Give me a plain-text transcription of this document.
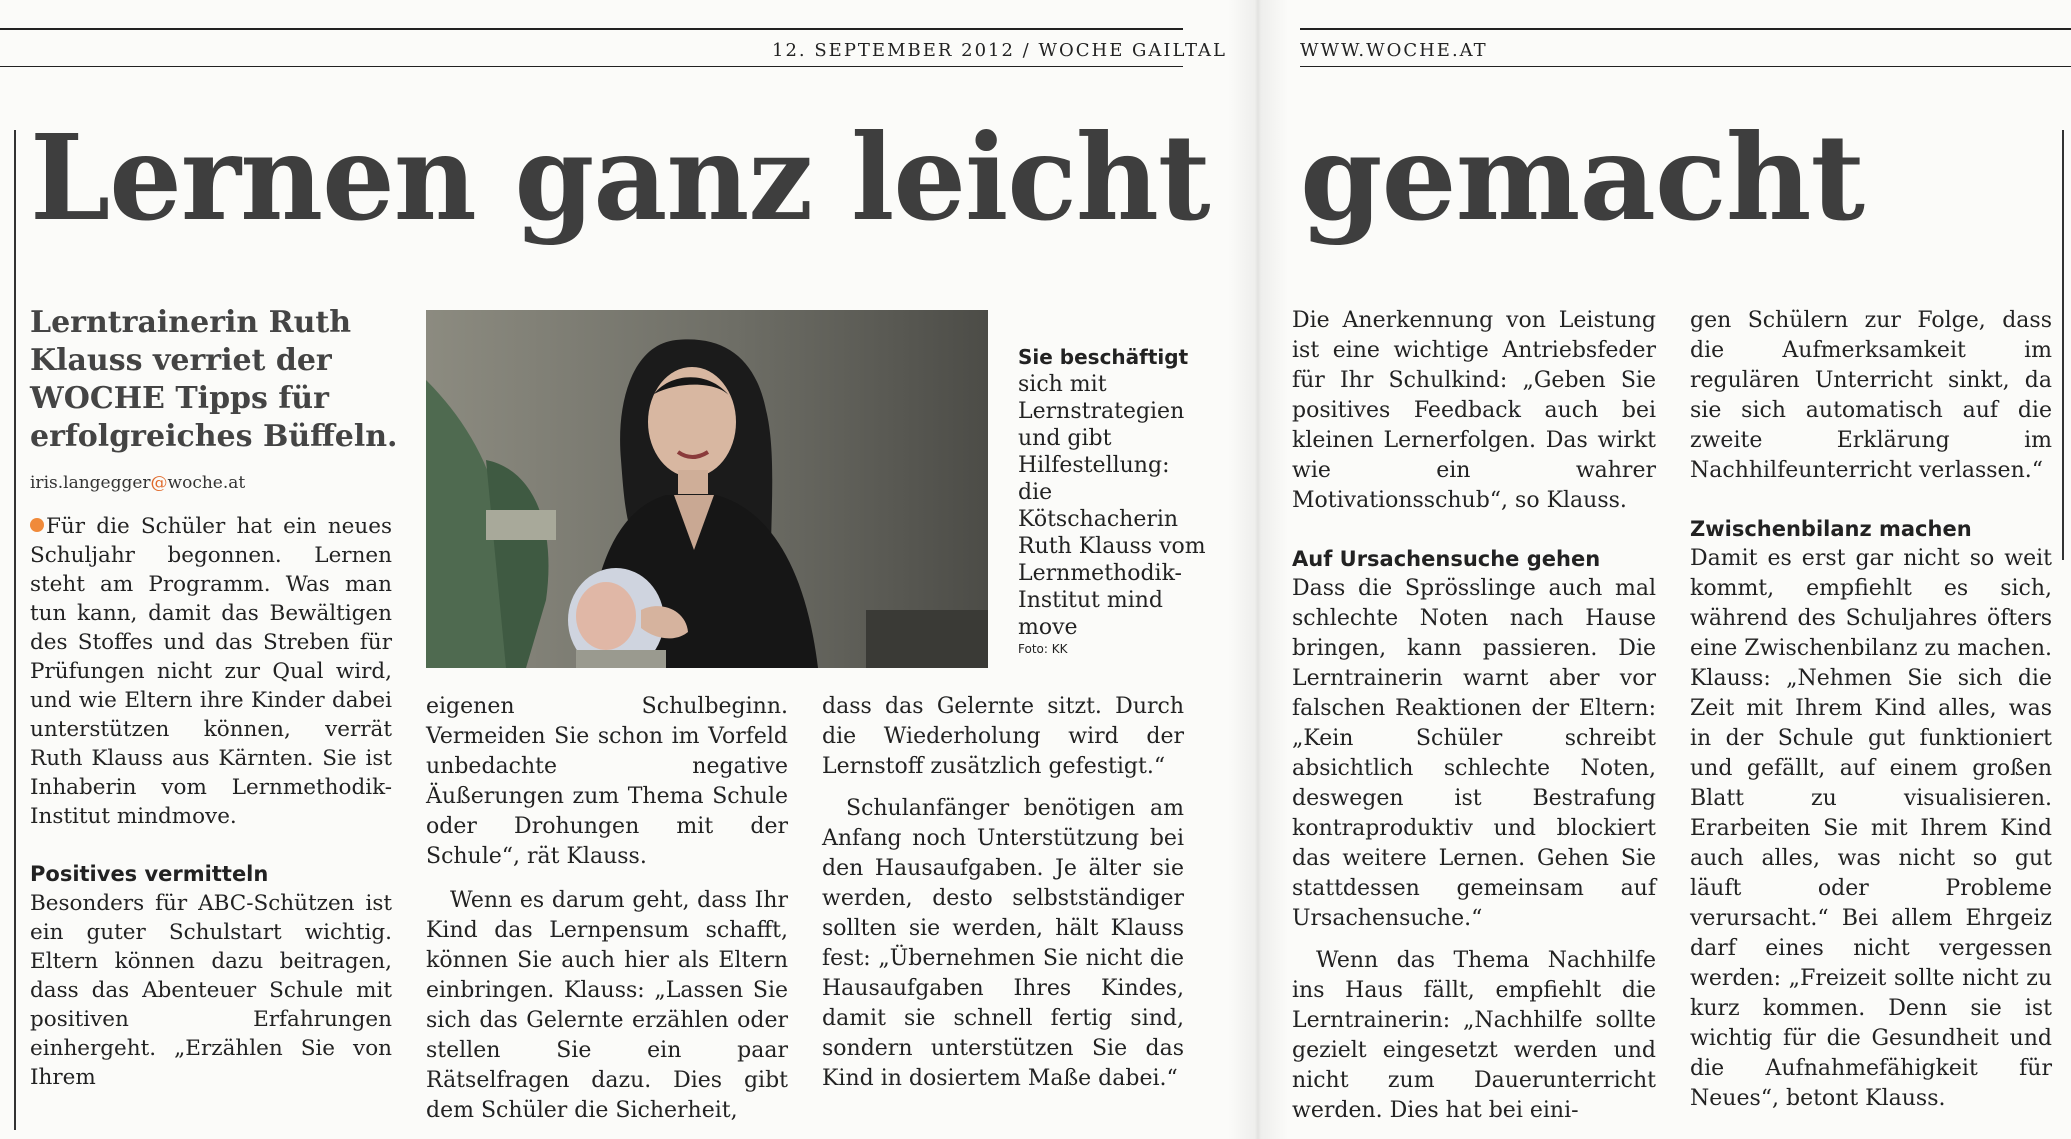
12. SEPTEMBER 2012 / WOCHE GAILTAL	WWW.WOCHE.AT
Lernen ganz leicht gemacht
Lerntrainerin Ruth Klauss verriet der WOCHE Tipps für erfolgreiches Büffeln.
iris.langegger@woche.at
Sie beschäftigt sich mit Lernstrategien und gibt Hilfestellung: die Kötschacherin Ruth Klauss vom Lernmethodik-Institut mind move
Foto: KK

Für die Schüler hat ein neues Schuljahr begonnen. Lernen steht am Programm. Was man tun kann, damit das Bewältigen des Stoffes und das Streben für Prüfungen nicht zur Qual wird, und wie Eltern ihre Kinder dabei unterstützen können, verrät Ruth Klauss aus Kärnten. Sie ist Inhaberin vom Lernmethodik-Institut mindmove.

Positives vermitteln

Besonders für ABC-Schützen ist ein guter Schulstart wichtig. Eltern können dazu beitragen, dass das Abenteuer Schule mit positiven Erfahrungen einhergeht. „Erzählen Sie von Ihrem

eigenen Schulbeginn. Vermeiden Sie schon im Vorfeld unbedachte negative Äußerungen zum Thema Schule oder Drohungen mit der Schule“, rät Klauss.

Wenn es darum geht, dass Ihr Kind das Lernpensum schafft, können Sie auch hier als Eltern einbringen. Klauss: „Lassen Sie sich das Gelernte erzählen oder stellen Sie ein paar Rätselfragen dazu. Dies gibt dem Schüler die Sicherheit,

dass das Gelernte sitzt. Durch die Wiederholung wird der Lernstoff zusätzlich gefestigt.“

Schulanfänger benötigen am Anfang noch Unterstützung bei den Hausaufgaben. Je älter sie werden, desto selbstständiger sollten sie werden, hält Klauss fest: „Übernehmen Sie nicht die Hausaufgaben Ihres Kindes, damit sie schnell fertig sind, sondern unterstützen Sie das Kind in dosiertem Maße dabei.“

Die Anerkennung von Leistung ist eine wichtige Antriebsfeder für Ihr Schulkind: „Geben Sie positives Feedback auch bei kleinen Lernerfolgen. Das wirkt wie ein wahrer Motivationsschub“, so Klauss.

Auf Ursachensuche gehen

Dass die Sprösslinge auch mal schlechte Noten nach Hause bringen, kann passieren. Die Lerntrainerin warnt aber vor falschen Reaktionen der Eltern: „Kein Schüler schreibt absichtlich schlechte Noten, deswegen ist Bestrafung kontraproduktiv und blockiert das weitere Lernen. Gehen Sie stattdessen gemeinsam auf Ursachensuche.“

Wenn das Thema Nachhilfe ins Haus fällt, empfiehlt die Lerntrainerin: „Nachhilfe sollte gezielt eingesetzt werden und nicht zum Dauerunterricht werden. Dies hat bei eini-

gen Schülern zur Folge, dass die Aufmerksamkeit im regulären Unterricht sinkt, da sie sich automatisch auf die zweite Erklärung im Nachhilfeunterricht verlassen.“

Zwischenbilanz machen

Damit es erst gar nicht so weit kommt, empfiehlt es sich, während des Schuljahres öfters eine Zwischenbilanz zu machen. Klauss: „Nehmen Sie sich die Zeit mit Ihrem Kind alles, was in der Schule gut funktioniert und gefällt, auf einem großen Blatt zu visualisieren. Erarbeiten Sie mit Ihrem Kind auch alles, was nicht so gut läuft oder Probleme verursacht.“ Bei allem Ehrgeiz darf eines nicht vergessen werden: „Freizeit sollte nicht zu kurz kommen. Denn sie ist wichtig für die Gesundheit und die Aufnahmefähigkeit für Neues“, betont Klauss.
